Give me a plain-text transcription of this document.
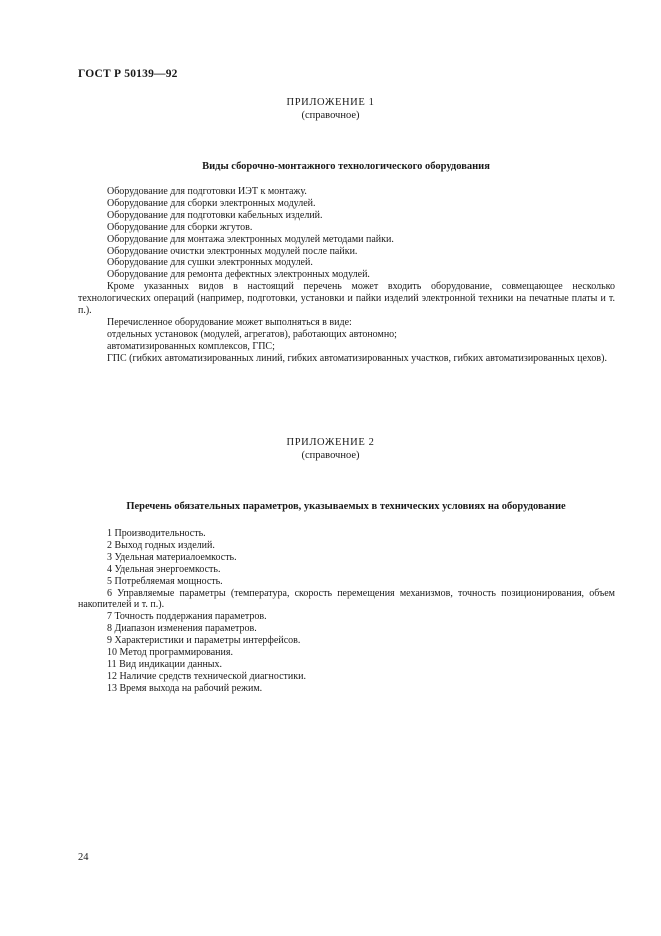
ГОСТ Р 50139—92
ПРИЛОЖЕНИЕ 1
(справочное)
Виды сборочно-монтажного технологического оборудования

Оборудование для подготовки ИЭТ к монтажу.

Оборудование для сборки электронных модулей.

Оборудование для подготовки кабельных изделий.

Оборудование для сборки жгутов.

Оборудование для монтажа электронных модулей методами пайки.

Оборудование очистки электронных модулей после пайки.

Оборудование для сушки электронных модулей.

Оборудование для ремонта дефектных электронных модулей.

Кроме указанных видов в настоящий перечень может входить оборудование, совмещающее несколько технологических операций (например, подготовки, установки и пайки изделий электронной техники на печатные платы и т. п.).

Перечисленное оборудование может выполняться в виде:

отдельных установок (модулей, агрегатов), работающих автономно;

автоматизированных комплексов, ГПС;

ГПС (гибких автоматизированных линий, гибких автоматизированных участков, гибких автоматизированных цехов).

ПРИЛОЖЕНИЕ 2
(справочное)
Перечень обязательных параметров, указываемых в технических условиях на оборудование

1 Производительность.

2 Выход годных изделий.

3 Удельная материалоемкость.

4 Удельная энергоемкость.

5 Потребляемая мощность.

6 Управляемые параметры (температура, скорость перемещения механизмов, точность позиционирования, объем накопителей и т. п.).

7 Точность поддержания параметров.

8 Диапазон изменения параметров.

9 Характеристики и параметры интерфейсов.

10 Метод программирования.

11 Вид индикации данных.

12 Наличие средств технической диагностики.

13 Время выхода на рабочий режим.

24
